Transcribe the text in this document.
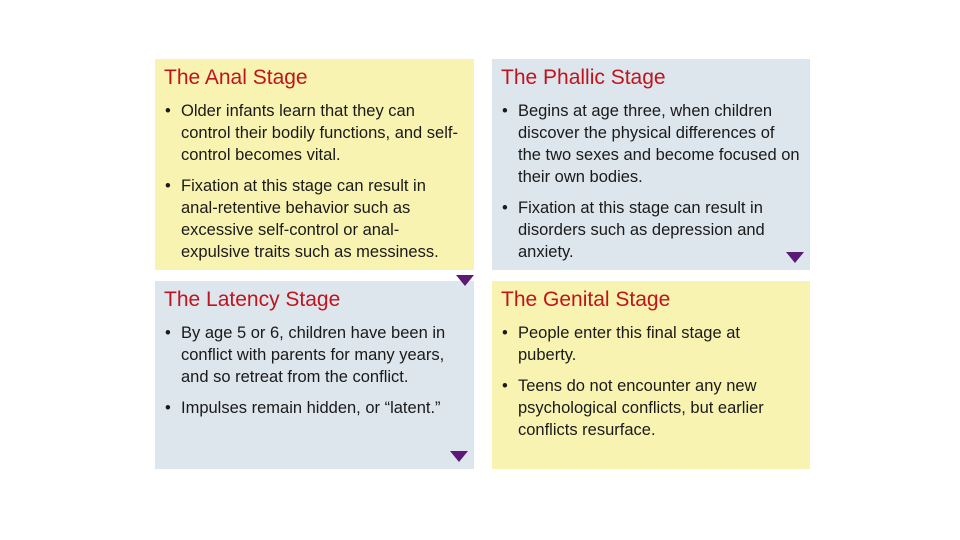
The Anal Stage
• Older infants learn that they can control their bodily functions, and self-control becomes vital.
• Fixation at this stage can result in anal-retentive behavior such as excessive self-control or anal-expulsive traits such as messiness.
The Phallic Stage
• Begins at age three, when children discover the physical differences of the two sexes and become focused on their own bodies.
• Fixation at this stage can result in disorders such as depression and anxiety.
The Latency Stage
• By age 5 or 6, children have been in conflict with parents for many years, and so retreat from the conflict.
• Impulses remain hidden, or “latent.”
The Genital Stage
• People enter this final stage at puberty.
• Teens do not encounter any new psychological conflicts, but earlier conflicts resurface.
